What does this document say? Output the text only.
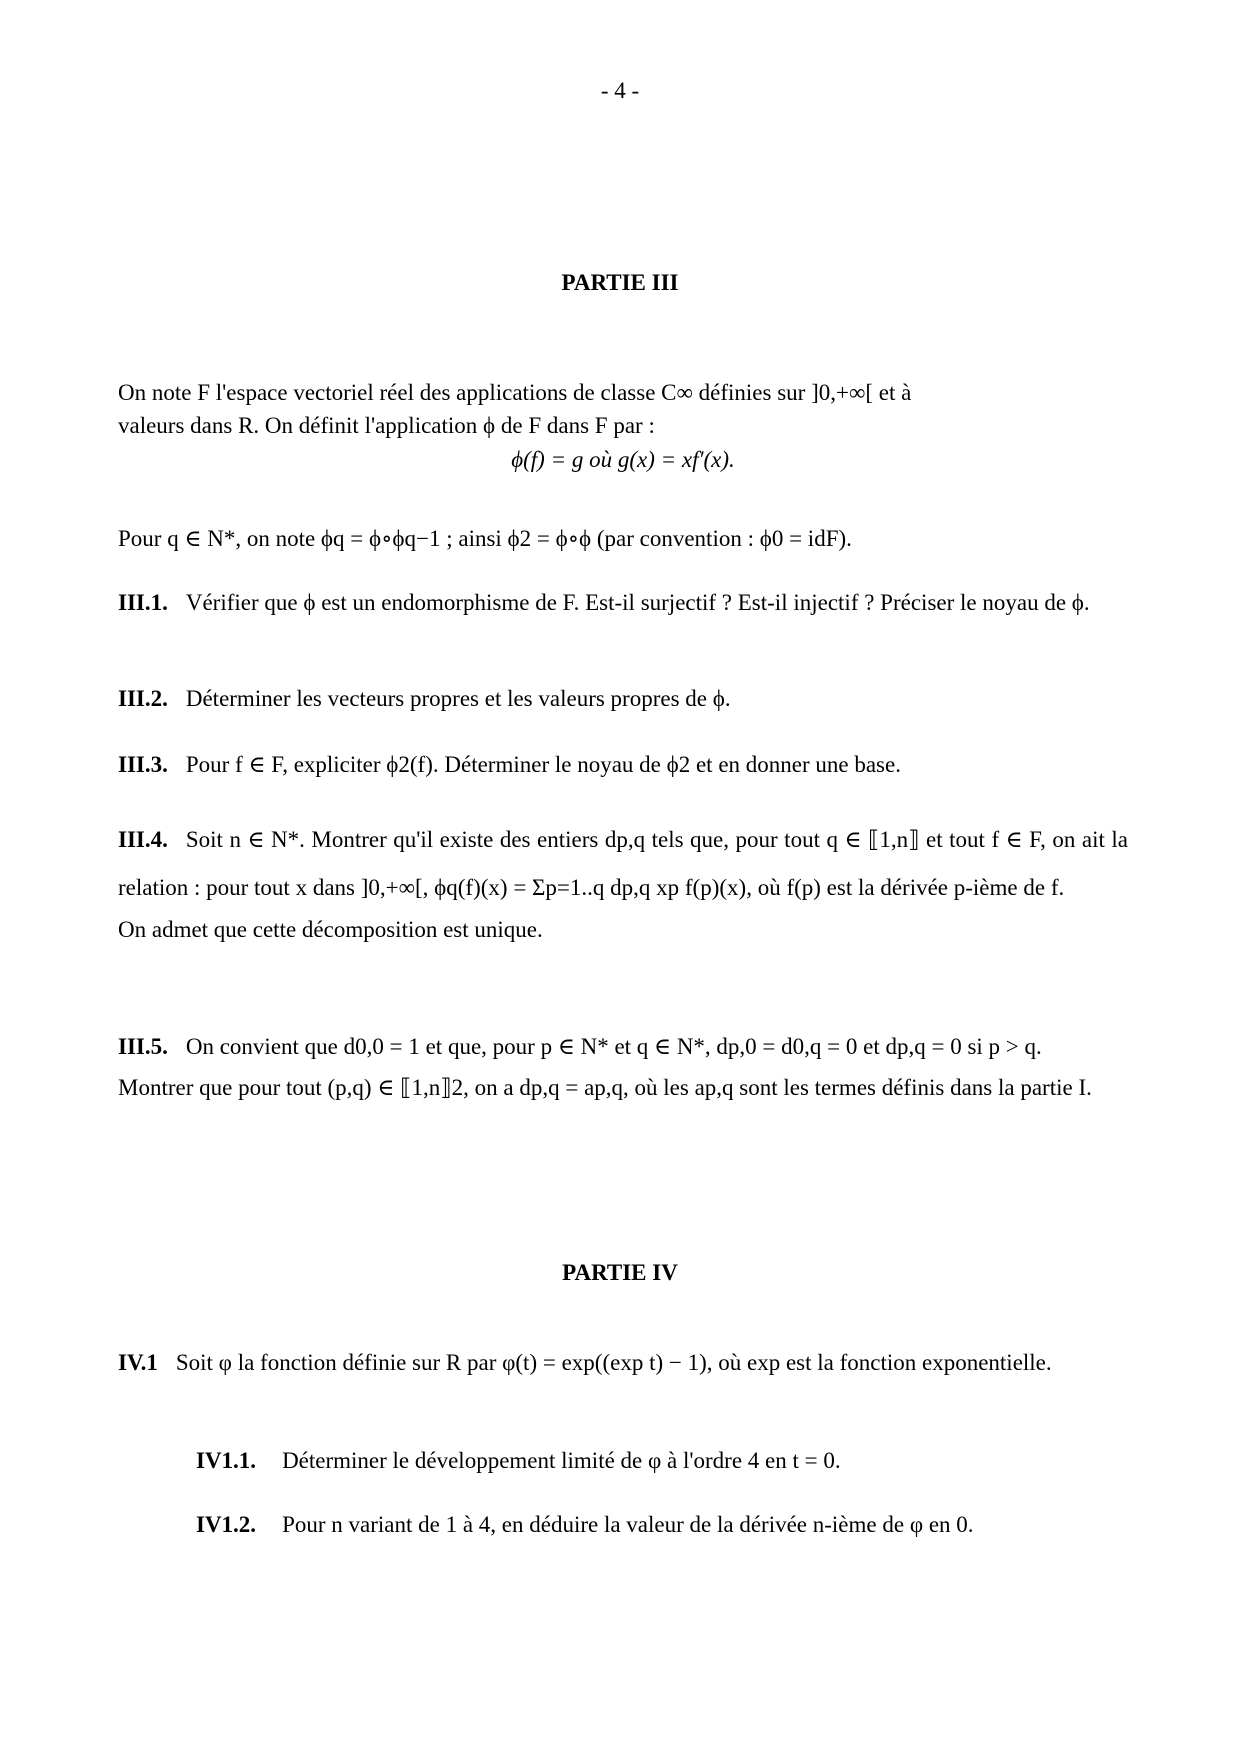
- 4 -
PARTIE III

On note F l'espace vectoriel réel des applications de classe C∞ définies sur ]0,+∞[ et à

valeurs dans R. On définit l'application ϕ de F dans F par :

ϕ(f) = g où g(x) = xf′(x).

Pour q ∈ N*, on note ϕq = ϕ∘ϕq−1 ; ainsi ϕ2 = ϕ∘ϕ (par convention : ϕ0 = idF).

III.1. Vérifier que ϕ est un endomorphisme de F. Est-il surjectif ? Est-il injectif ? Préciser le noyau de ϕ.

III.2. Déterminer les vecteurs propres et les valeurs propres de ϕ.

III.3. Pour f ∈ F, expliciter ϕ2(f). Déterminer le noyau de ϕ2 et en donner une base.

III.4. Soit n ∈ N*. Montrer qu'il existe des entiers dp,q tels que, pour tout q ∈ ⟦1,n⟧ et tout f ∈ F, on ait la relation : pour tout x dans ]0,+∞[, ϕq(f)(x) = Σp=1..q dp,q xp f(p)(x), où f(p) est la dérivée p-ième de f.

On admet que cette décomposition est unique.

III.5. On convient que d0,0 = 1 et que, pour p ∈ N* et q ∈ N*, dp,0 = d0,q = 0 et dp,q = 0 si p > q.

Montrer que pour tout (p,q) ∈ ⟦1,n⟧2, on a dp,q = ap,q, où les ap,q sont les termes définis dans la partie I.

PARTIE IV

IV.1 Soit φ la fonction définie sur R par φ(t) = exp((exp t) − 1), où exp est la fonction exponentielle.

IV1.1. Déterminer le développement limité de φ à l'ordre 4 en t = 0.

IV1.2. Pour n variant de 1 à 4, en déduire la valeur de la dérivée n-ième de φ en 0.
